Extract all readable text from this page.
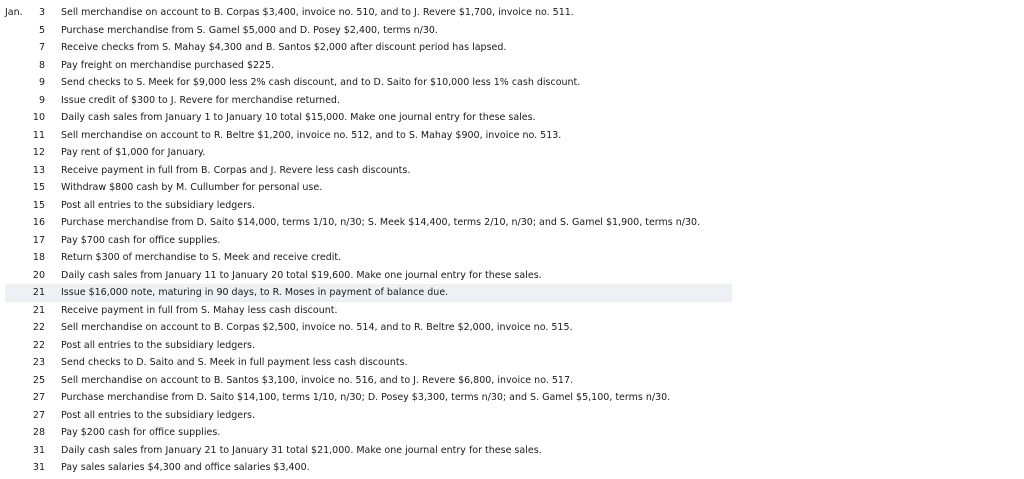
Jan.	3	Sell merchandise on account to B. Corpas $3,400, invoice no. 510, and to J. Revere $1,700, invoice no. 511.
	5	Purchase merchandise from S. Gamel $5,000 and D. Posey $2,400, terms n/30.
	7	Receive checks from S. Mahay $4,300 and B. Santos $2,000 after discount period has lapsed.
	8	Pay freight on merchandise purchased $225.
	9	Send checks to S. Meek for $9,000 less 2% cash discount, and to D. Saito for $10,000 less 1% cash discount.
	9	Issue credit of $300 to J. Revere for merchandise returned.
	10	Daily cash sales from January 1 to January 10 total $15,000. Make one journal entry for these sales.
	11	Sell merchandise on account to R. Beltre $1,200, invoice no. 512, and to S. Mahay $900, invoice no. 513.
	12	Pay rent of $1,000 for January.
	13	Receive payment in full from B. Corpas and J. Revere less cash discounts.
	15	Withdraw $800 cash by M. Cullumber for personal use.
	15	Post all entries to the subsidiary ledgers.
	16	Purchase merchandise from D. Saito $14,000, terms 1/10, n/30; S. Meek $14,400, terms 2/10, n/30; and S. Gamel $1,900, terms n/30.
	17	Pay $700 cash for office supplies.
	18	Return $300 of merchandise to S. Meek and receive credit.
	20	Daily cash sales from January 11 to January 20 total $19,600. Make one journal entry for these sales.
	21	Issue $16,000 note, maturing in 90 days, to R. Moses in payment of balance due.
	21	Receive payment in full from S. Mahay less cash discount.
	22	Sell merchandise on account to B. Corpas $2,500, invoice no. 514, and to R. Beltre $2,000, invoice no. 515.
	22	Post all entries to the subsidiary ledgers.
	23	Send checks to D. Saito and S. Meek in full payment less cash discounts.
	25	Sell merchandise on account to B. Santos $3,100, invoice no. 516, and to J. Revere $6,800, invoice no. 517.
	27	Purchase merchandise from D. Saito $14,100, terms 1/10, n/30; D. Posey $3,300, terms n/30; and S. Gamel $5,100, terms n/30.
	27	Post all entries to the subsidiary ledgers.
	28	Pay $200 cash for office supplies.
	31	Daily cash sales from January 21 to January 31 total $21,000. Make one journal entry for these sales.
	31	Pay sales salaries $4,300 and office salaries $3,400.
